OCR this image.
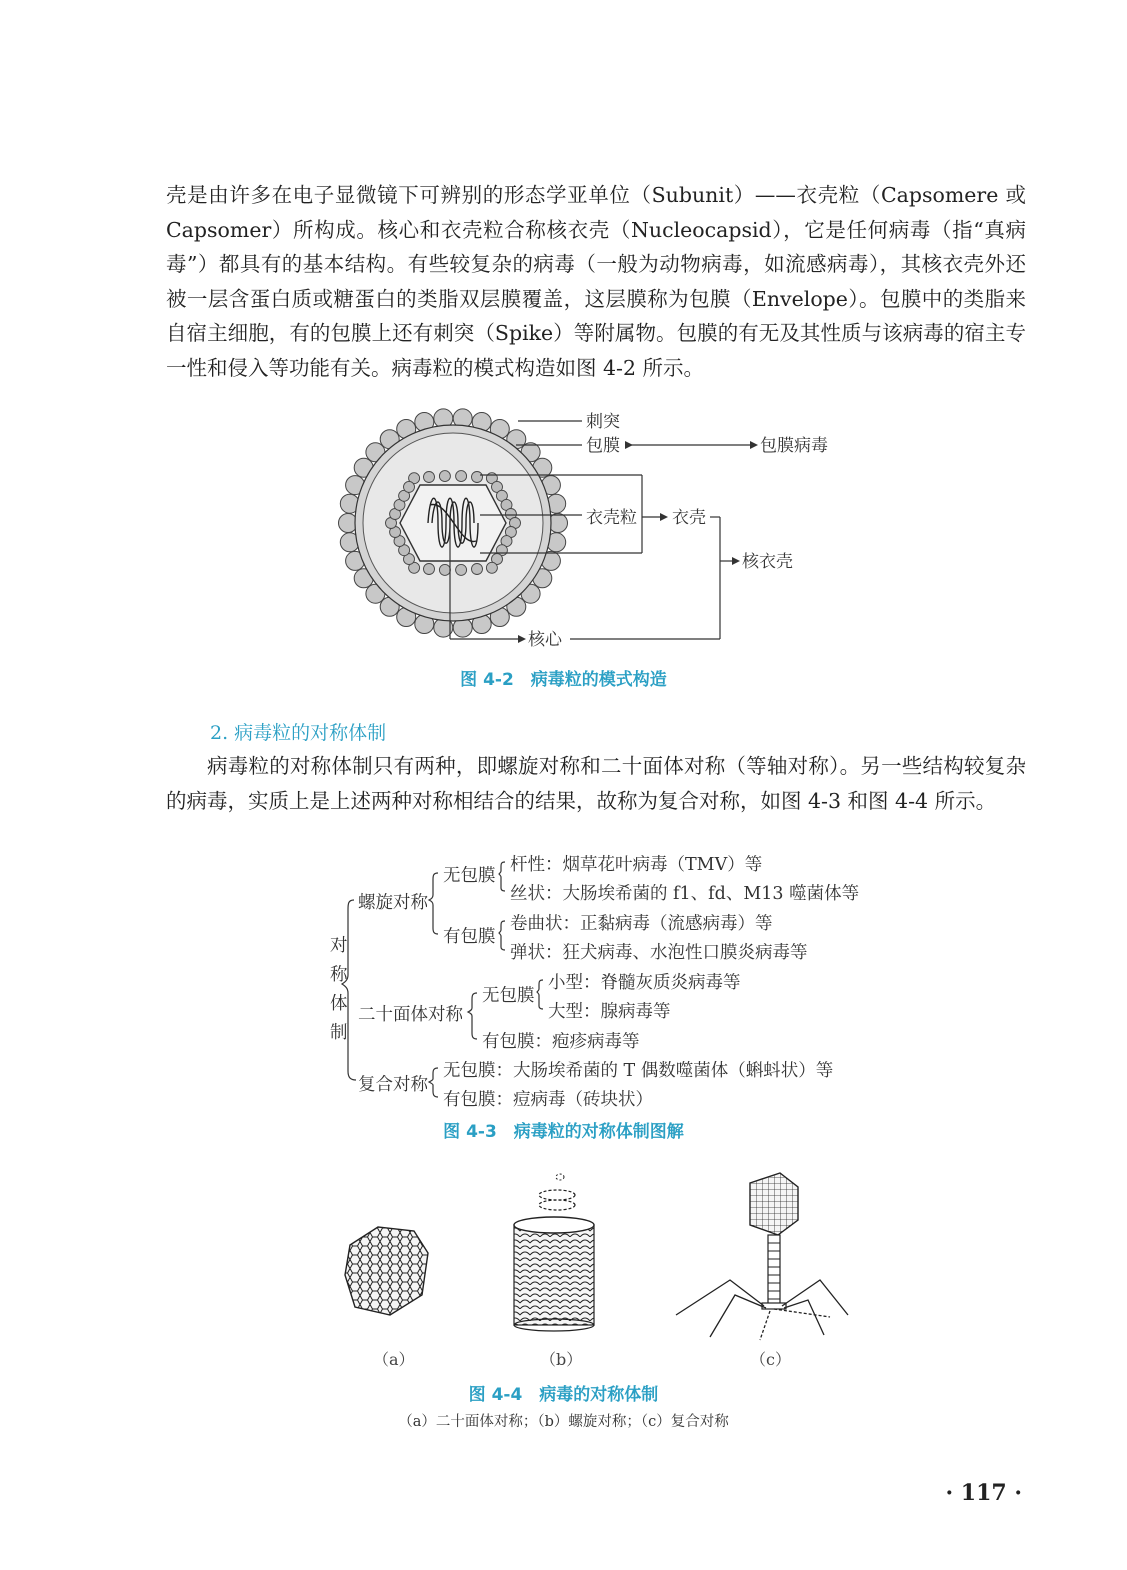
壳是由许多在电子显微镜下可辨别的形态学亚单位（Subunit）——衣壳粒（Capsomere 或 Capsomer）所构成。核心和衣壳粒合称核衣壳（Nucleocapsid），它是任何病毒（指“真病毒”）都具有的基本结构。有些较复杂的病毒（一般为动物病毒，如流感病毒），其核衣壳外还被一层含蛋白质或糖蛋白的类脂双层膜覆盖，这层膜称为包膜（Envelope）。包膜中的类脂来自宿主细胞，有的包膜上还有刺突（Spike）等附属物。包膜的有无及其性质与该病毒的宿主专一性和侵入等功能有关。病毒粒的模式构造如图 4-2 所示。

刺突
包膜	包膜病毒
衣壳粒 衣壳
核衣壳
核心
图 4-2　病毒粒的模式构造
2. 病毒粒的对称体制

病毒粒的对称体制只有两种，即螺旋对称和二十面体对称（等轴对称）。另一些结构较复杂的病毒，实质上是上述两种对称相结合的结果，故称为复合对称，如图 4-3 和图 4-4 所示。

对
称
体
制
螺旋对称
无包膜
杆性：烟草花叶病毒（TMV）等
丝状：大肠埃希菌的 f1、fd、M13 噬菌体等
有包膜
卷曲状：正黏病毒（流感病毒）等
弹状：狂犬病毒、水泡性口膜炎病毒等
二十面体对称
无包膜
小型：脊髓灰质炎病毒等
大型：腺病毒等
有包膜：疱疹病毒等
复合对称
无包膜：大肠埃希菌的 T 偶数噬菌体（蝌蚪状）等
有包膜：痘病毒（砖块状）
图 4-3　病毒粒的对称体制图解
（a）	（b）	（c）
图 4-4　病毒的对称体制
（a）二十面体对称；（b）螺旋对称；（c）复合对称
· 117 ·
